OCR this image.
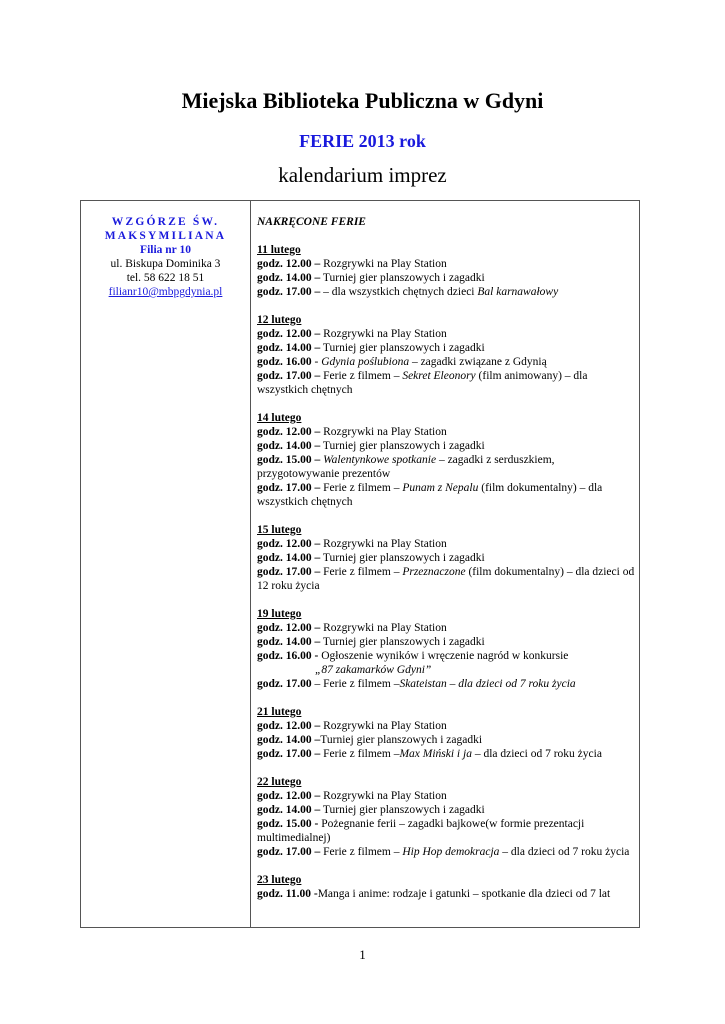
Miejska Biblioteka Publiczna w Gdyni
FERIE 2013 rok
kalendarium imprez
WZGÓRZE ŚW.
MAKSYMILIANA
Filia nr 10
ul. Biskupa Dominika 3
tel. 58 622 18 51
filianr10@mbpgdynia.pl
NAKRĘCONE FERIE
11 lutego
godz. 12.00 – Rozgrywki na Play Station
godz. 14.00 – Turniej gier planszowych i zagadki
godz. 17.00 – – dla wszystkich chętnych dzieci Bal karnawałowy
12 lutego
godz. 12.00 – Rozgrywki na Play Station
godz. 14.00 – Turniej gier planszowych i zagadki
godz. 16.00 - Gdynia poślubiona – zagadki związane z Gdynią
godz. 17.00 – Ferie z filmem – Sekret Eleonory (film animowany) – dla wszystkich chętnych
14 lutego
godz. 12.00 – Rozgrywki na Play Station
godz. 14.00 – Turniej gier planszowych i zagadki
godz. 15.00 – Walentynkowe spotkanie – zagadki z serduszkiem, przygotowywanie prezentów
godz. 17.00 – Ferie z filmem – Punam z Nepalu (film dokumentalny) – dla wszystkich chętnych
15 lutego
godz. 12.00 – Rozgrywki na Play Station
godz. 14.00 – Turniej gier planszowych i zagadki
godz. 17.00 – Ferie z filmem – Przeznaczone (film dokumentalny) – dla dzieci od 12 roku życia
19 lutego
godz. 12.00 – Rozgrywki na Play Station
godz. 14.00 – Turniej gier planszowych i zagadki
godz. 16.00 - Ogłoszenie wyników i wręczenie nagród w konkursie
„87 zakamarków Gdyni”
godz. 17.00 – Ferie z filmem –Skateistan – dla dzieci od 7 roku życia
21 lutego
godz. 12.00 – Rozgrywki na Play Station
godz. 14.00 –Turniej gier planszowych i zagadki
godz. 17.00 – Ferie z filmem –Max Miński i ja – dla dzieci od 7 roku życia
22 lutego
godz. 12.00 – Rozgrywki na Play Station
godz. 14.00 – Turniej gier planszowych i zagadki
godz. 15.00 - Pożegnanie ferii – zagadki bajkowe(w formie prezentacji multimedialnej)
godz. 17.00 – Ferie z filmem – Hip Hop demokracja – dla dzieci od 7 roku życia
23 lutego
godz. 11.00 -Manga i anime: rodzaje i gatunki – spotkanie dla dzieci od 7 lat
1
